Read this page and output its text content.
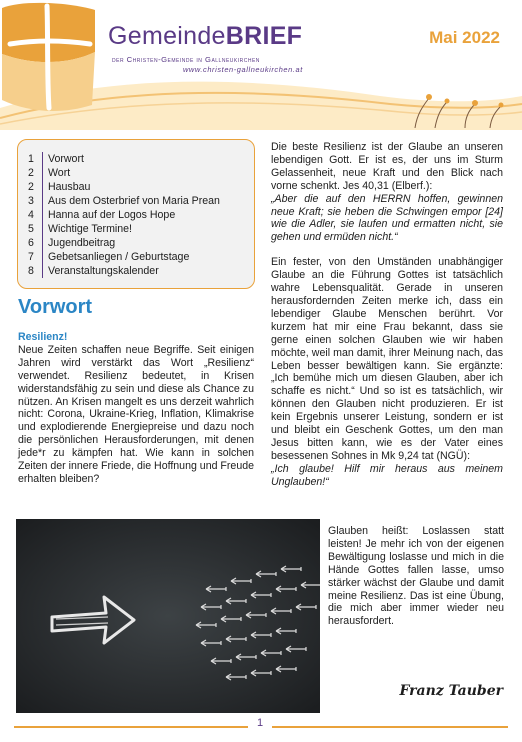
GemeindeBRIEF
der Christen-Gemeinde in Gallneukirchen
www.christen-gallneukirchen.at
Mai 2022
1	Vorwort
2	Wort
2	Hausbau
3	Aus dem Osterbrief von Maria Prean
4	Hanna auf der Logos Hope
5	Wichtige Termine!
6	Jugendbeitrag
7	Gebetsanliegen / Geburtstage
8	Veranstaltungskalender
Vorwort

Resilienz!

Neue Zeiten schaffen neue Begriffe. Seit einigen Jahren wird verstärkt das Wort „Resilienz“ verwendet. Resilienz bedeutet, in Krisen widerstandsfähig zu sein und diese als Chance zu nützen. An Krisen mangelt es uns derzeit wahrlich nicht: Corona, Ukraine-Krieg, Inflation, Klimakrise und explodierende Energiepreise und dazu noch die persönlichen Herausforderungen, mit denen jede*r zu kämpfen hat. Wie kann in solchen Zeiten der innere Friede, die Hoffnung und Freude erhalten bleiben?

Die beste Resilienz ist der Glaube an unseren lebendigen Gott. Er ist es, der uns im Sturm Gelassenheit, neue Kraft und den Blick nach vorne schenkt. Jes 40,31 (Elberf.):

„Aber die auf den HERRN hoffen, gewinnen neue Kraft; sie heben die Schwingen empor [24] wie die Adler, sie laufen und ermatten nicht, sie gehen und ermüden nicht.“

Ein fester, von den Umständen unabhängiger Glaube an die Führung Gottes ist tatsächlich wahre Lebensqualität. Gerade in unseren herausfordernden Zeiten merke ich, dass ein lebendiger Glaube Menschen berührt. Vor kurzem hat mir eine Frau bekannt, dass sie gerne einen solchen Glauben wie wir haben möchte, weil man damit, ihrer Meinung nach, das Leben besser bewältigen kann. Sie ergänzte: „Ich bemühe mich um diesen Glauben, aber ich schaffe es nicht.“ Und so ist es tatsächlich, wir können den Glauben nicht produzieren. Er ist kein Ergebnis unserer Leistung, sondern er ist und bleibt ein Geschenk Gottes, um den man Jesus bitten kann, wie es der Vater eines besessenen Sohnes in Mk 9,24 tat (NGÜ):

„Ich glaube! Hilf mir heraus aus meinem Unglauben!“

Glauben heißt: Loslassen statt leisten! Je mehr ich von der eigenen Bewältigung loslasse und mich in die Hände Gottes fallen lasse, umso stärker wächst der Glaube und damit meine Resilienz. Das ist eine Übung, die mich aber immer wieder neu herausfordert.

Franz Tauber
1
